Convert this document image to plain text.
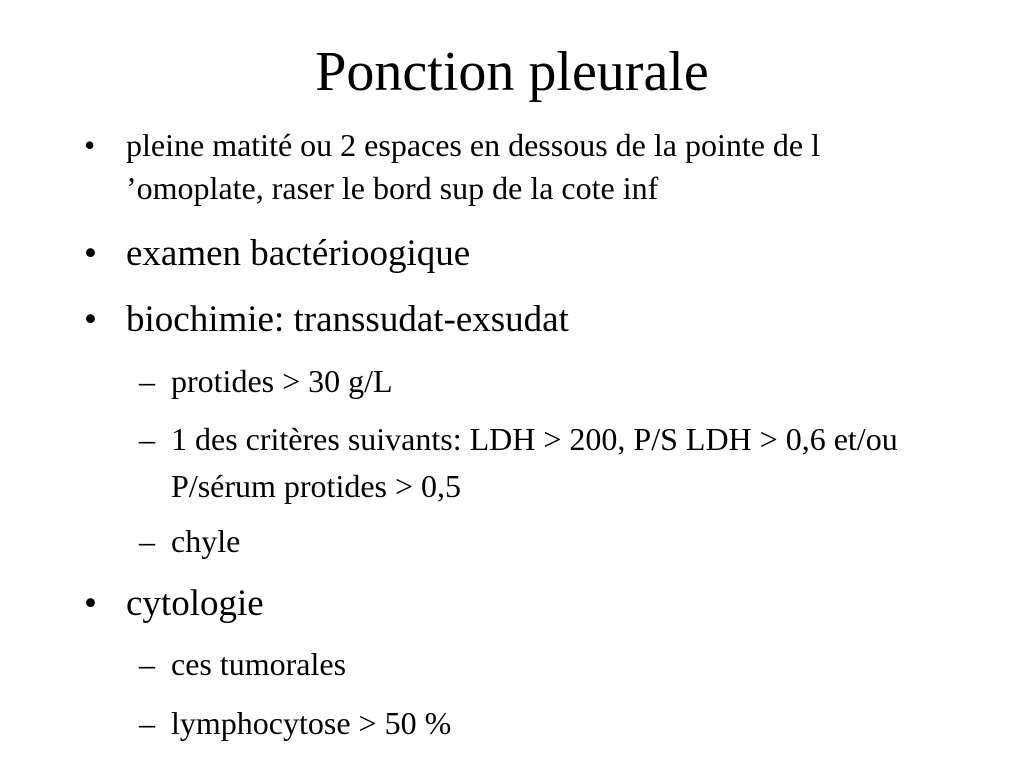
Ponction pleurale
• pleine matité ou 2 espaces en dessous de la pointe de l ’omoplate, raser le bord sup de la cote inf
• examen bactérioogique
• biochimie: transsudat-exsudat
– protides > 30 g/L
– 1 des critères suivants: LDH > 200, P/S LDH > 0,6 et/ou P/sérum protides > 0,5
– chyle
• cytologie
– ces tumorales
– lymphocytose > 50 %
